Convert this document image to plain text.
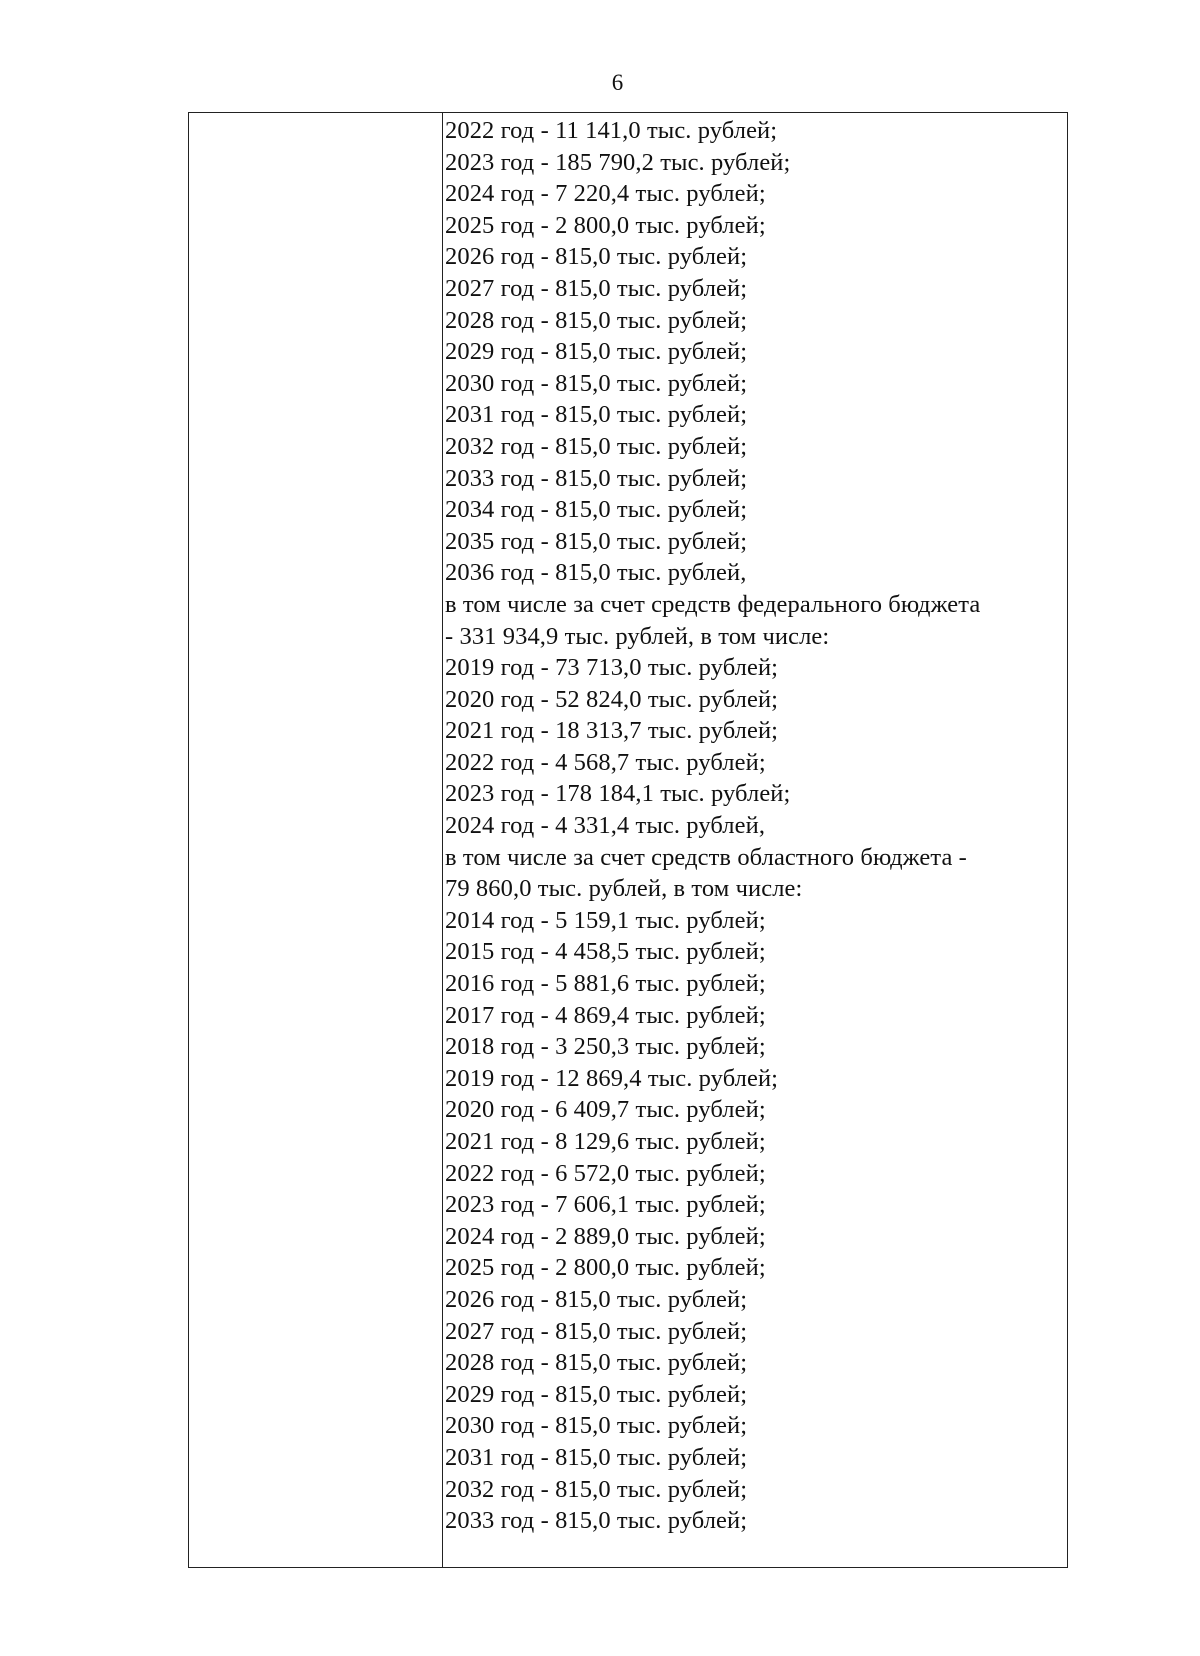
6
2022 год - 11 141,0 тыс. рублей;
2023 год - 185 790,2 тыс. рублей;
2024 год - 7 220,4 тыс. рублей;
2025 год - 2 800,0 тыс. рублей;
2026 год - 815,0 тыс. рублей;
2027 год - 815,0 тыс. рублей;
2028 год - 815,0 тыс. рублей;
2029 год - 815,0 тыс. рублей;
2030 год - 815,0 тыс. рублей;
2031 год - 815,0 тыс. рублей;
2032 год - 815,0 тыс. рублей;
2033 год - 815,0 тыс. рублей;
2034 год - 815,0 тыс. рублей;
2035 год - 815,0 тыс. рублей;
2036 год - 815,0 тыс. рублей,
в том числе за счет средств федерального бюджета
- 331 934,9 тыс. рублей, в том числе:
2019 год - 73 713,0 тыс. рублей;
2020 год - 52 824,0 тыс. рублей;
2021 год - 18 313,7 тыс. рублей;
2022 год - 4 568,7 тыс. рублей;
2023 год - 178 184,1 тыс. рублей;
2024 год - 4 331,4 тыс. рублей,
в том числе за счет средств областного бюджета -
79 860,0 тыс. рублей, в том числе:
2014 год - 5 159,1 тыс. рублей;
2015 год - 4 458,5 тыс. рублей;
2016 год - 5 881,6 тыс. рублей;
2017 год - 4 869,4 тыс. рублей;
2018 год - 3 250,3 тыс. рублей;
2019 год - 12 869,4 тыс. рублей;
2020 год - 6 409,7 тыс. рублей;
2021 год - 8 129,6 тыс. рублей;
2022 год - 6 572,0 тыс. рублей;
2023 год - 7 606,1 тыс. рублей;
2024 год - 2 889,0 тыс. рублей;
2025 год - 2 800,0 тыс. рублей;
2026 год - 815,0 тыс. рублей;
2027 год - 815,0 тыс. рублей;
2028 год - 815,0 тыс. рублей;
2029 год - 815,0 тыс. рублей;
2030 год - 815,0 тыс. рублей;
2031 год - 815,0 тыс. рублей;
2032 год - 815,0 тыс. рублей;
2033 год - 815,0 тыс. рублей;
